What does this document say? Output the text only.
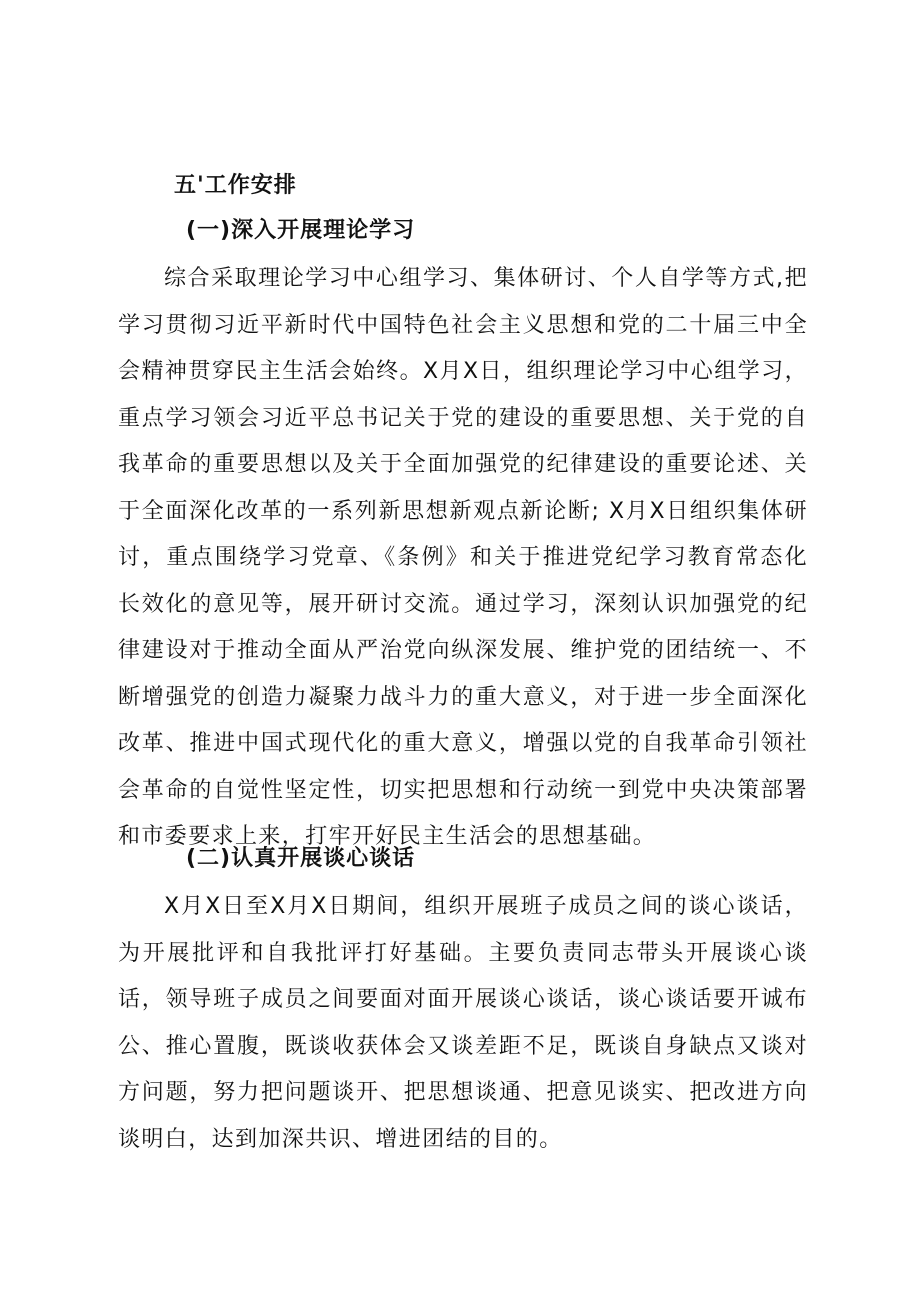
五'工作安排
(一)深入开展理论学习

综合采取理论学习中心组学习、集体研讨、个人自学等方式,把学习贯彻习近平新时代中国特色社会主义思想和党的二十届三中全会精神贯穿民主生活会始终。X月X日，组织理论学习中心组学习，重点学习领会习近平总书记关于党的建设的重要思想、关于党的自我革命的重要思想以及关于全面加强党的纪律建设的重要论述、关于全面深化改革的一系列新思想新观点新论断; X月X日组织集体研讨，重点围绕学习党章、《条例》和关于推进党纪学习教育常态化长效化的意见等，展开研讨交流。通过学习，深刻认识加强党的纪律建设对于推动全面从严治党向纵深发展、维护党的团结统一、不断增强党的创造力凝聚力战斗力的重大意义，对于进一步全面深化改革、推进中国式现代化的重大意义，增强以党的自我革命引领社会革命的自觉性坚定性，切实把思想和行动统一到党中央决策部署和市委要求上来，打牢开好民主生活会的思想基础。

(二)认真开展谈心谈话

X月X日至X月X日期间，组织开展班子成员之间的谈心谈话，为开展批评和自我批评打好基础。主要负责同志带头开展谈心谈话，领导班子成员之间要面对面开展谈心谈话，谈心谈话要开诚布公、推心置腹，既谈收获体会又谈差距不足，既谈自身缺点又谈对方问题，努力把问题谈开、把思想谈通、把意见谈实、把改进方向谈明白，达到加深共识、增进团结的目的。
